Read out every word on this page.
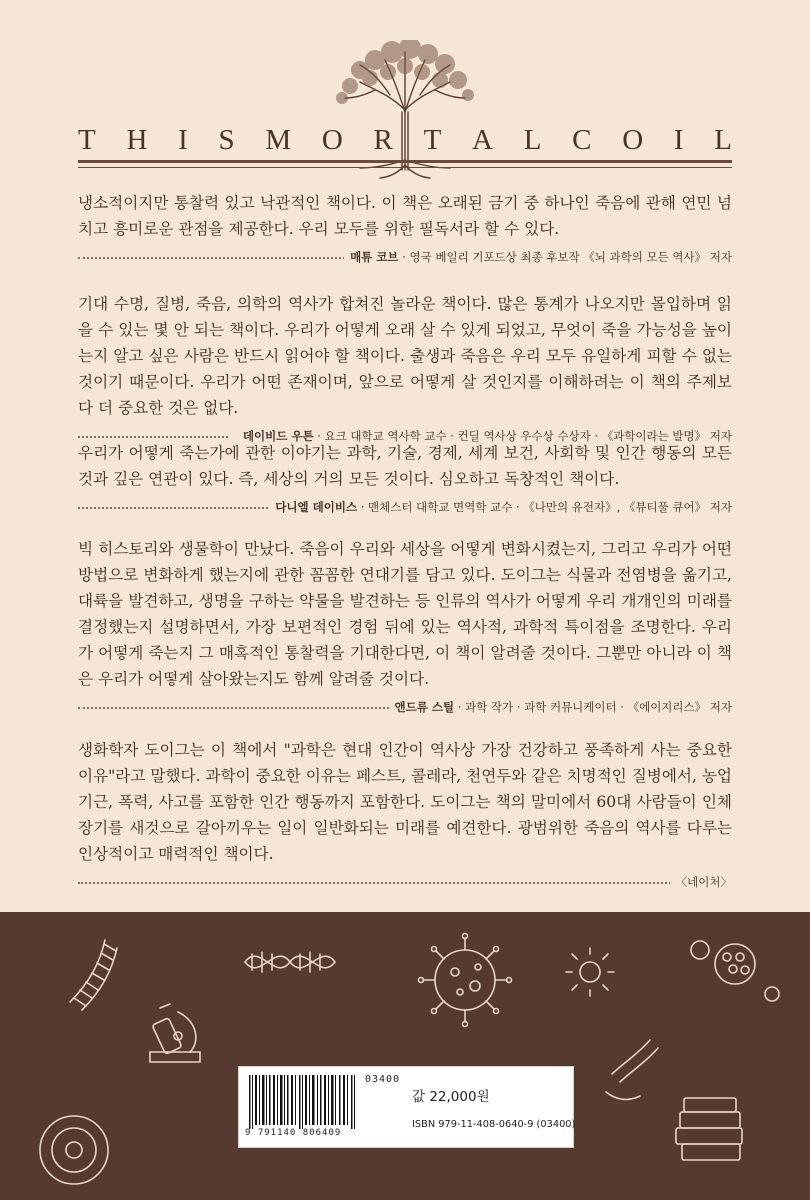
T H I S M O R T A L C O I L

냉소적이지만 통찰력 있고 낙관적인 책이다. 이 책은 오래된 금기 중 하나인 죽음에 관해 연민 넘치고 흥미로운 관점을 제공한다. 우리 모두를 위한 필독서라 할 수 있다.

매튜 코브 · 영국 베일리 기포드상 최종 후보작 《뇌 과학의 모든 역사》 저자

기대 수명, 질병, 죽음, 의학의 역사가 합쳐진 놀라운 책이다. 많은 통계가 나오지만 몰입하며 읽을 수 있는 몇 안 되는 책이다. 우리가 어떻게 오래 살 수 있게 되었고, 무엇이 죽을 가능성을 높이는지 알고 싶은 사람은 반드시 읽어야 할 책이다. 출생과 죽음은 우리 모두 유일하게 피할 수 없는 것이기 때문이다. 우리가 어떤 존재이며, 앞으로 어떻게 살 것인지를 이해하려는 이 책의 주제보다 더 중요한 것은 없다.

데이비드 우튼 · 요크 대학교 역사학 교수 · 컨딜 역사상 우수상 수상자 · 《과학이라는 발명》 저자

우리가 어떻게 죽는가에 관한 이야기는 과학, 기술, 경제, 세계 보건, 사회학 및 인간 행동의 모든 것과 깊은 연관이 있다. 즉, 세상의 거의 모든 것이다. 심오하고 독창적인 책이다.

다니엘 데이비스 · 맨체스터 대학교 면역학 교수 · 《나만의 유전자》, 《뷰티풀 큐어》 저자

빅 히스토리와 생물학이 만났다. 죽음이 우리와 세상을 어떻게 변화시켰는지, 그리고 우리가 어떤 방법으로 변화하게 했는지에 관한 꼼꼼한 연대기를 담고 있다. 도이그는 식물과 전염병을 옮기고, 대륙을 발견하고, 생명을 구하는 약물을 발견하는 등 인류의 역사가 어떻게 우리 개개인의 미래를 결정했는지 설명하면서, 가장 보편적인 경험 뒤에 있는 역사적, 과학적 특이점을 조명한다. 우리가 어떻게 죽는지 그 매혹적인 통찰력을 기대한다면, 이 책이 알려줄 것이다. 그뿐만 아니라 이 책은 우리가 어떻게 살아왔는지도 함께 알려줄 것이다.

앤드류 스틸 · 과학 작가 · 과학 커뮤니케이터 · 《에이지리스》 저자

생화학자 도이그는 이 책에서 "과학은 현대 인간이 역사상 가장 건강하고 풍족하게 사는 중요한 이유"라고 말했다. 과학이 중요한 이유는 페스트, 콜레라, 천연두와 같은 치명적인 질병에서, 농업 기근, 폭력, 사고를 포함한 인간 행동까지 포함한다. 도이그는 책의 말미에서 60대 사람들이 인체 장기를 새것으로 갈아끼우는 일이 일반화되는 미래를 예견한다. 광범위한 죽음의 역사를 다루는 인상적이고 매력적인 책이다.

〈네이처〉
03400
9 791140 806409
값 22,000원
ISBN 979-11-408-0640-9 (03400)
